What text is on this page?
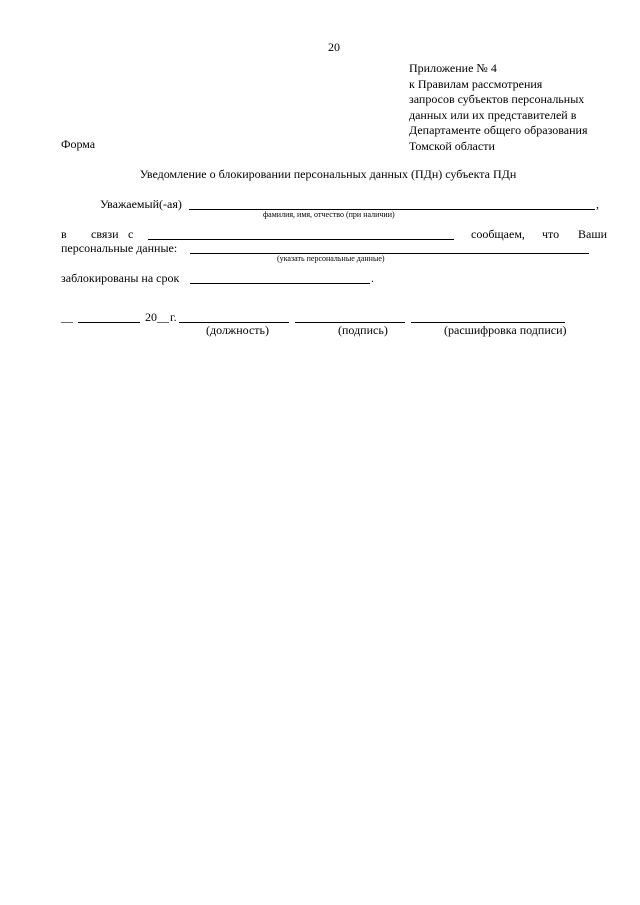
20
Приложение № 4
к Правилам рассмотрения
запросов субъектов персональных
данных или их представителей в
Департаменте общего образования
Томской области
Форма
Уведомление о блокировании персональных данных (ПДн) субъекта ПДн
Уважаемый(-ая)	,
фамилия, имя, отчество (при наличии)
в связи с	сообщаем, что Ваши
персональные данные:
(указать персональные данные)
заблокированы на срок	.
__	20__ г.
(должность)	(подпись)	(расшифровка подписи)
